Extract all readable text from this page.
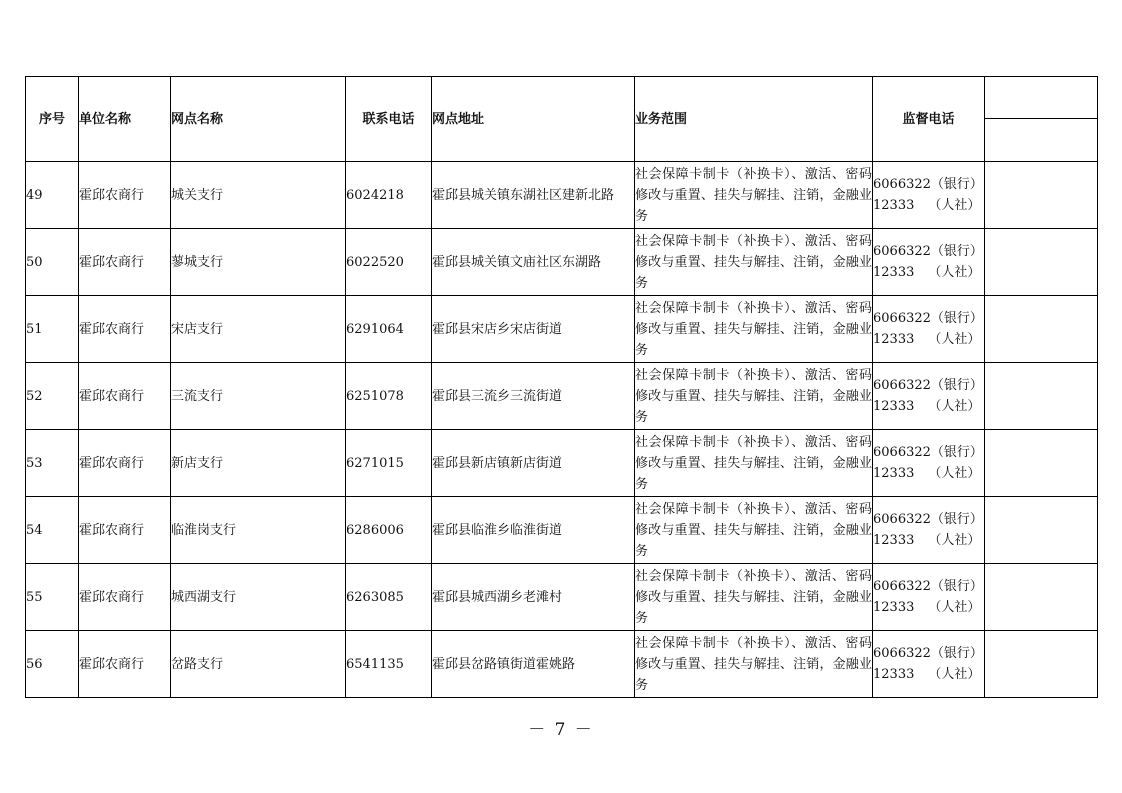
序号	单位名称	网点名称	联系电话	网点地址	业务范围	监督电话	

49	霍邱农商行	城关支行	6024218	霍邱县城关镇东湖社区建新北路	社会保障卡制卡（补换卡）、激活、密码修改与重置、挂失与解挂、注销，金融业务	6066322（银行）
12333 （人社）	

50	霍邱农商行	蓼城支行	6022520	霍邱县城关镇文庙社区东湖路	社会保障卡制卡（补换卡）、激活、密码修改与重置、挂失与解挂、注销，金融业务	6066322（银行）
12333 （人社）	

51	霍邱农商行	宋店支行	6291064	霍邱县宋店乡宋店街道	社会保障卡制卡（补换卡）、激活、密码修改与重置、挂失与解挂、注销，金融业务	6066322（银行）
12333 （人社）	

52	霍邱农商行	三流支行	6251078	霍邱县三流乡三流街道	社会保障卡制卡（补换卡）、激活、密码修改与重置、挂失与解挂、注销，金融业务	6066322（银行）
12333 （人社）	

53	霍邱农商行	新店支行	6271015	霍邱县新店镇新店街道	社会保障卡制卡（补换卡）、激活、密码修改与重置、挂失与解挂、注销，金融业务	6066322（银行）
12333 （人社）	

54	霍邱农商行	临淮岗支行	6286006	霍邱县临淮乡临淮街道	社会保障卡制卡（补换卡）、激活、密码修改与重置、挂失与解挂、注销，金融业务	6066322（银行）
12333 （人社）	

55	霍邱农商行	城西湖支行	6263085	霍邱县城西湖乡老滩村	社会保障卡制卡（补换卡）、激活、密码修改与重置、挂失与解挂、注销，金融业务	6066322（银行）
12333 （人社）	

56	霍邱农商行	岔路支行	6541135	霍邱县岔路镇街道霍姚路	社会保障卡制卡（补换卡）、激活、密码修改与重置、挂失与解挂、注销，金融业务	6066322（银行）
12333 （人社）	

－ 7 －
